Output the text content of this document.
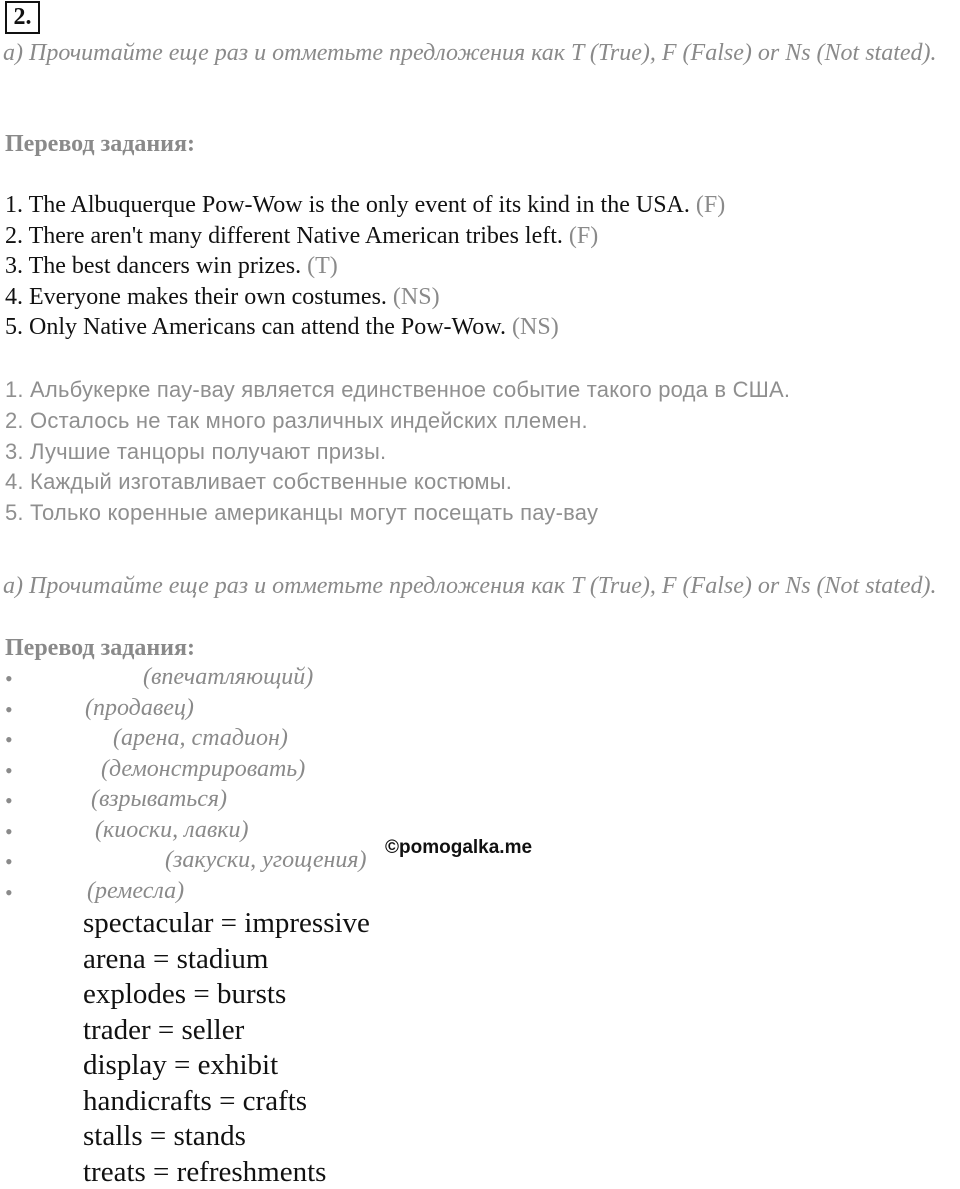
2.
a) Прочитайте еще раз и отметьте предложения как T (True), F (False) or Ns (Not stated).
Перевод задания:
1. The Albuquerque Pow-Wow is the only event of its kind in the USA. (F)
2. There aren't many different Native American tribes left. (F)
3. The best dancers win prizes. (T)
4. Everyone makes their own costumes. (NS)
5. Only Native Americans can attend the Pow-Wow. (NS)
1. Альбукерке пау-вау является единственное событие такого рода в США.
2. Осталось не так много различных индейских племен.
3. Лучшие танцоры получают призы.
4. Каждый изготавливает собственные костюмы.
5. Только коренные американцы могут посещать пау-вау
a) Прочитайте еще раз и отметьте предложения как T (True), F (False) or Ns (Not stated).
Перевод задания:
•	(впечатляющий)
•	(продавец)
•	(арена, стадион)
•	(демонстрировать)
•	(взрываться)
•	(киоски, лавки)
•	(закуски, угощения)
•	(ремесла)
©pomogalka.me
spectacular = impressive
arena = stadium
explodes = bursts
trader = seller
display = exhibit
handicrafts = crafts
stalls = stands
treats = refreshments
